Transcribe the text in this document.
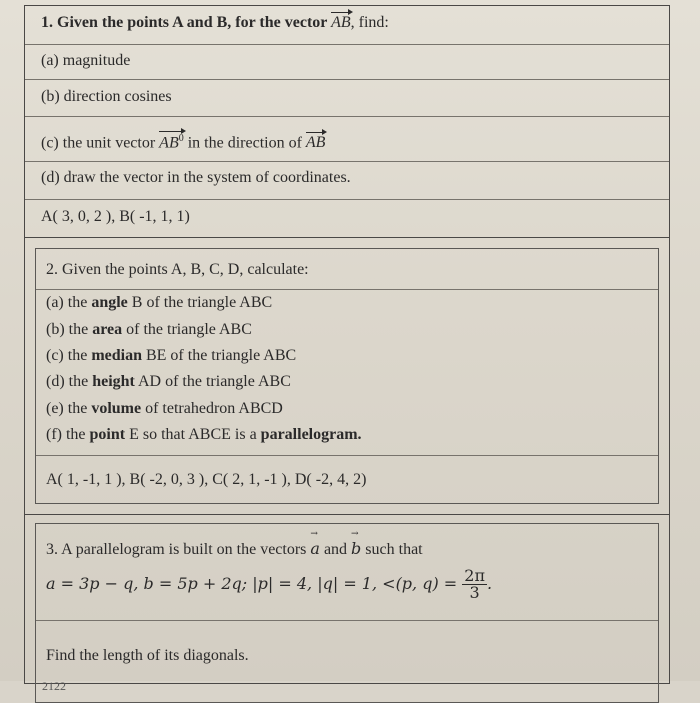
1. Given the points A and B, for the vector AB, find:
(a) magnitude
(b) direction cosines
(c) the unit vector $AB^0$ in the direction of AB
(d) draw the vector in the system of coordinates.
A( 3, 0, 2 ), B( -1, 1, 1)
2. Given the points A, B, C, D, calculate:
(a) the angle B of the triangle ABC
(b) the area of the triangle ABC
(c) the median BE of the triangle ABC
(d) the height AD of the triangle ABC
(e) the volume of tetrahedron ABCD
(f) the point E so that ABCE is a parallelogram.
A( 1, -1, 1 ), B( -2, 0, 3 ), C( 2, 1, -1 ), D( -2, 4, 2)
3. A parallelogram is built on the vectors → a and → b such that
a = 3p − q, b = 5p + 2q; |p| = 4, |q| = 1, <(p, $q) = \frac{2\pi}{3}$ .
Find the length of its diagonals.
2122
